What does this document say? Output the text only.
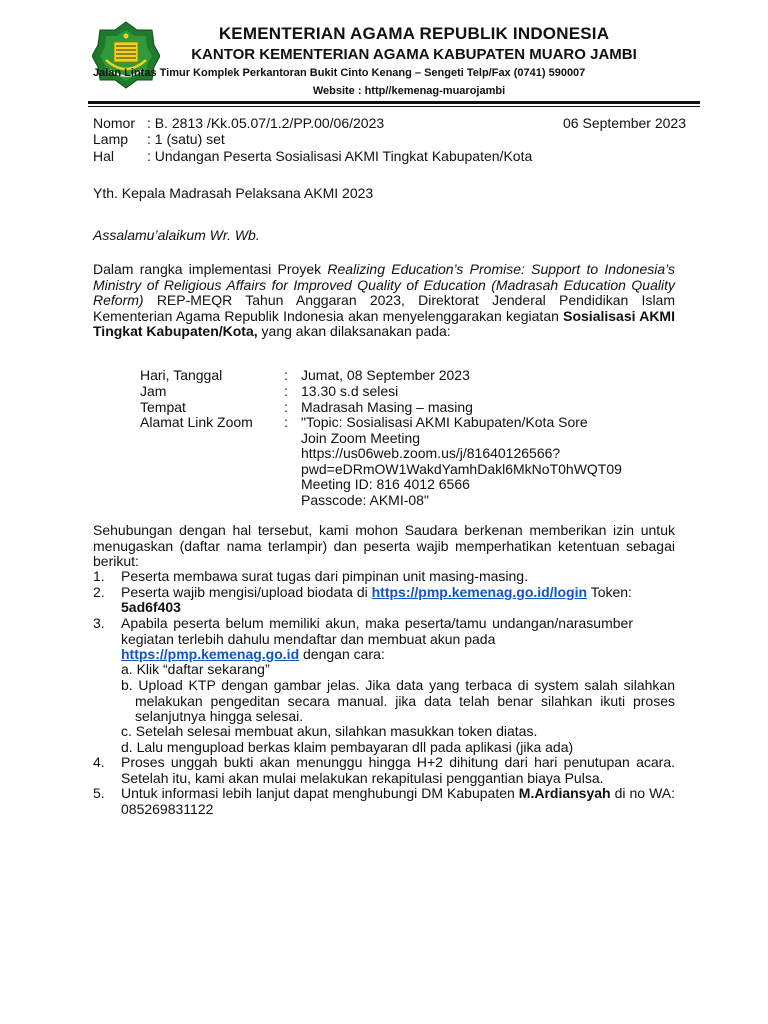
KEMENTERIAN AGAMA REPUBLIK INDONESIA
KANTOR KEMENTERIAN AGAMA KABUPATEN MUARO JAMBI
Jalan Lintas Timur Komplek Perkantoran Bukit Cinto Kenang – Sengeti Telp/Fax (0741) 590007
Website : http//kemenag-muarojambi
Nomor : B. 2813 /Kk.05.07/1.2/PP.00/06/2023	06 September 2023
Lamp : 1 (satu) set
Hal : Undangan Peserta Sosialisasi AKMI Tingkat Kabupaten/Kota
Yth. Kepala Madrasah Pelaksana AKMI 2023
Assalamu’alaikum Wr. Wb.
Dalam rangka implementasi Proyek Realizing Education’s Promise: Support to Indonesia’s Ministry of Religious Affairs for Improved Quality of Education (Madrasah Education Quality Reform) REP-MEQR Tahun Anggaran 2023, Direktorat Jenderal Pendidikan Islam Kementerian Agama Republik Indonesia akan menyelenggarakan kegiatan Sosialisasi AKMI Tingkat Kabupaten/Kota, yang akan dilaksanakan pada:
Hari, Tanggal	: Jumat, 08 September 2023
Jam	: 13.30 s.d selesi
Tempat	: Madrasah Masing – masing
Alamat Link Zoom : "Topic: Sosialisasi AKMI Kabupaten/Kota Sore
Join Zoom Meeting
https://us06web.zoom.us/j/81640126566?
pwd=eDRmOW1WakdYamhDakl6MkNoT0hWQT09
Meeting ID: 816 4012 6566
Passcode: AKMI-08"
Sehubungan dengan hal tersebut, kami mohon Saudara berkenan memberikan izin untuk menugaskan (daftar nama terlampir) dan peserta wajib memperhatikan ketentuan sebagai berikut:
1. Peserta membawa surat tugas dari pimpinan unit masing-masing.
2. Peserta wajib mengisi/upload biodata di https://pmp.kemenag.go.id/login Token:
5ad6f403
3. Apabila peserta belum memiliki akun, maka peserta/tamu undangan/narasumber kegiatan terlebih dahulu mendaftar dan membuat akun pada
https://pmp.kemenag.go.id dengan cara:
a. Klik “daftar sekarang”
b. Upload KTP dengan gambar jelas. Jika data yang terbaca di system salah silahkan melakukan pengeditan secara manual. jika data telah benar silahkan ikuti proses selanjutnya hingga selesai.
c. Setelah selesai membuat akun, silahkan masukkan token diatas.
d. Lalu mengupload berkas klaim pembayaran dll pada aplikasi (jika ada)
4. Proses unggah bukti akan menunggu hingga H+2 dihitung dari hari penutupan acara. Setelah itu, kami akan mulai melakukan rekapitulasi penggantian biaya Pulsa.
5. Untuk informasi lebih lanjut dapat menghubungi DM Kabupaten M.Ardiansyah di no WA: 085269831122
